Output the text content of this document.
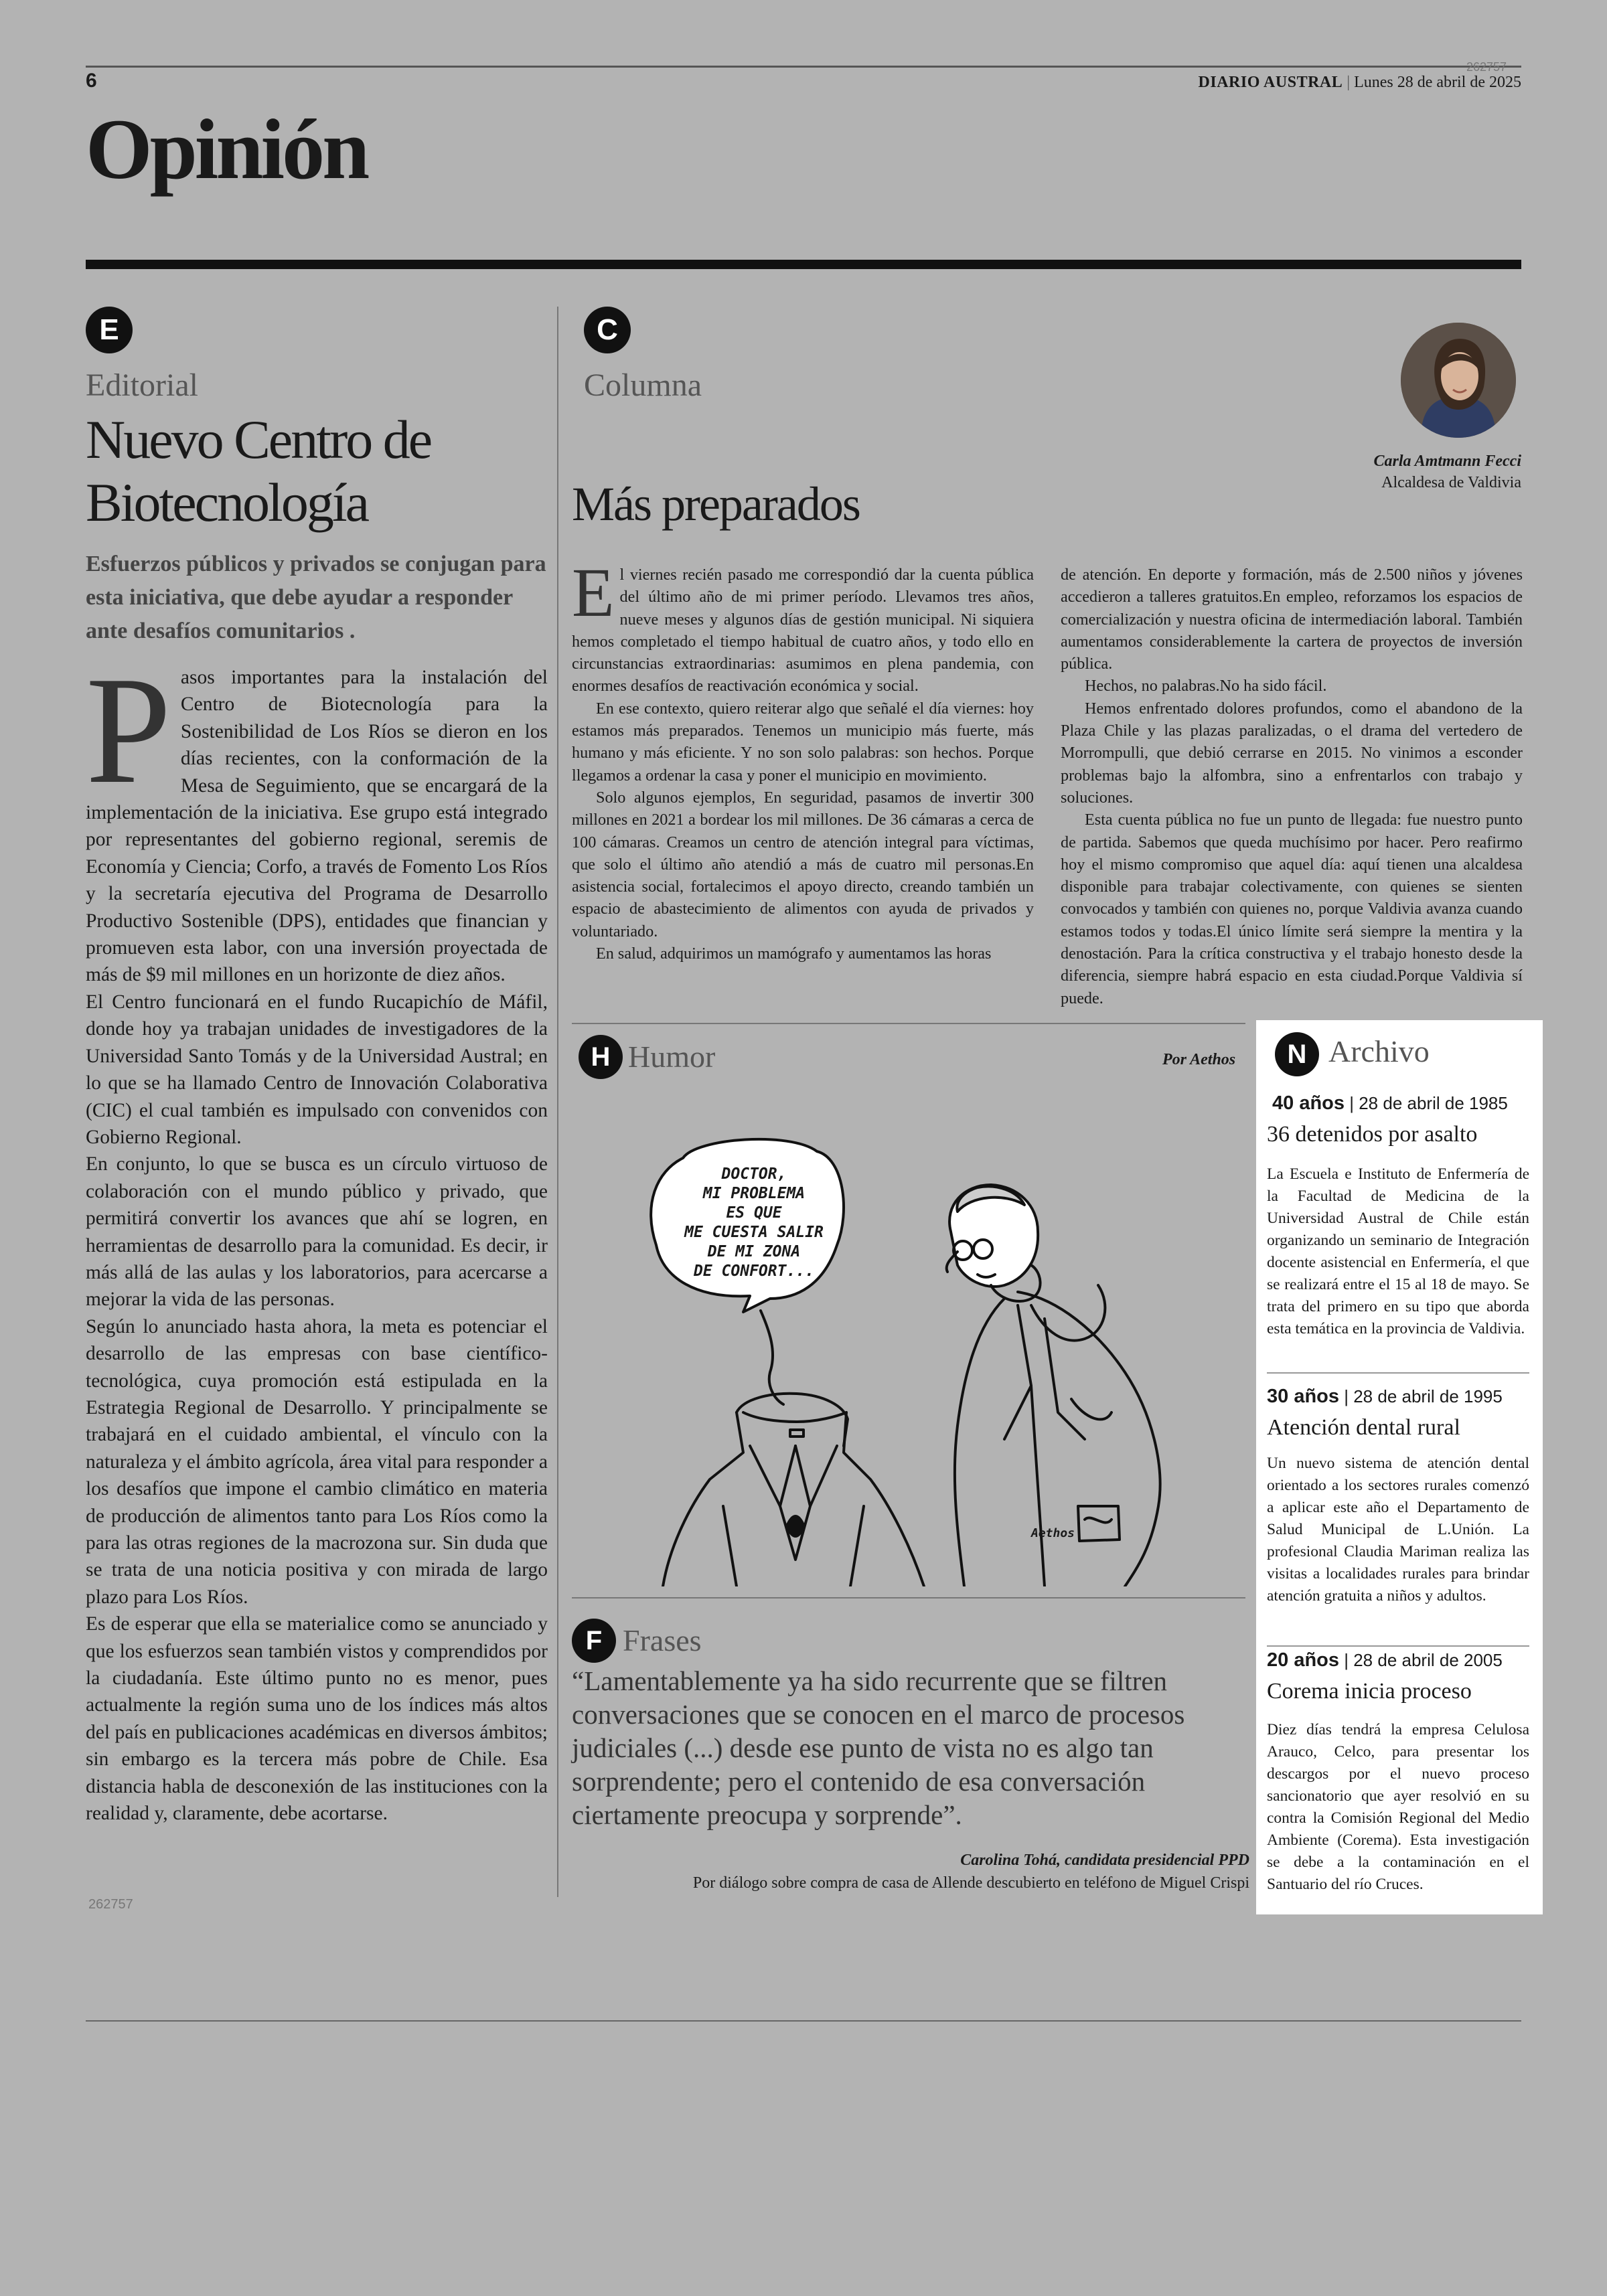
6
262757
DIARIO AUSTRAL | Lunes 28 de abril de 2025
Opinión
E
Editorial
Nuevo Centro de
Biotecnología
Esfuerzos públicos y privados se conjugan para esta iniciativa, que debe ayudar a responder ante desafíos comunitarios .

Pasos importantes para la instalación del Centro de Biotecnología para la Sostenibilidad de Los Ríos se dieron en los días recientes, con la conformación de la Mesa de Seguimiento, que se encargará de la implementación de la iniciativa. Ese grupo está integrado por representantes del gobierno regional, seremis de Economía y Ciencia; Corfo, a través de Fomento Los Ríos y la secretaría ejecutiva del Programa de Desarrollo Productivo Sostenible (DPS), entidades que financian y promueven esta labor, con una inversión proyectada de más de $9 mil millones en un horizonte de diez años.

El Centro funcionará en el fundo Rucapichío de Máfil, donde hoy ya trabajan unidades de investigadores de la Universidad Santo Tomás y de la Universidad Austral; en lo que se ha llamado Centro de Innovación Colaborativa (CIC) el cual también es impulsado con convenidos con Gobierno Regional.

En conjunto, lo que se busca es un círculo virtuoso de colaboración con el mundo público y privado, que permitirá convertir los avances que ahí se logren, en herramientas de desarrollo para la comunidad. Es decir, ir más allá de las aulas y los laboratorios, para acercarse a mejorar la vida de las personas.

Según lo anunciado hasta ahora, la meta es potenciar el desarrollo de las empresas con base científico-tecnológica, cuya promoción está estipulada en la Estrategia Regional de Desarrollo. Y principalmente se trabajará en el cuidado ambiental, el vínculo con la naturaleza y el ámbito agrícola, área vital para responder a los desafíos que impone el cambio climático en materia de producción de alimentos tanto para Los Ríos como la para las otras regiones de la macrozona sur. Sin duda que se trata de una noticia positiva y con mirada de largo plazo para Los Ríos.

Es de esperar que ella se materialice como se anunciado y que los esfuerzos sean también vistos y comprendidos por la ciudadanía. Este último punto no es menor, pues actualmente la región suma uno de los índices más altos del país en publicaciones académicas en diversos ámbitos; sin embargo es la tercera más pobre de Chile. Esa distancia habla de desconexión de las instituciones con la realidad y, claramente, debe acortarse.

262757
C
Columna
Más preparados
Carla Amtmann Fecci
Alcaldesa de Valdivia

El viernes recién pasado me correspondió dar la cuenta pública del último año de mi primer período. Llevamos tres años, nueve meses y algunos días de gestión municipal. Ni siquiera hemos completado el tiempo habitual de cuatro años, y todo ello en circunstancias extraordinarias: asumimos en plena pandemia, con enormes desafíos de reactivación económica y social.

En ese contexto, quiero reiterar algo que señalé el día viernes: hoy estamos más preparados. Tenemos un municipio más fuerte, más humano y más eficiente. Y no son solo palabras: son hechos. Porque llegamos a ordenar la casa y poner el municipio en movimiento.

Solo algunos ejemplos, En seguridad, pasamos de invertir 300 millones en 2021 a bordear los mil millones. De 36 cámaras a cerca de 100 cámaras. Creamos un centro de atención integral para víctimas, que solo el último año atendió a más de cuatro mil personas.En asistencia social, fortalecimos el apoyo directo, creando también un espacio de abastecimiento de alimentos con ayuda de privados y voluntariado.

En salud, adquirimos un mamógrafo y aumentamos las horas

de atención. En deporte y formación, más de 2.500 niños y jóvenes accedieron a talleres gratuitos.En empleo, reforzamos los espacios de comercialización y nuestra oficina de intermediación laboral. También aumentamos considerablemente la cartera de proyectos de inversión pública.

Hechos, no palabras.No ha sido fácil.

Hemos enfrentado dolores profundos, como el abandono de la Plaza Chile y las plazas paralizadas, o el drama del vertedero de Morrompulli, que debió cerrarse en 2015. No vinimos a esconder problemas bajo la alfombra, sino a enfrentarlos con trabajo y soluciones.

Esta cuenta pública no fue un punto de llegada: fue nuestro punto de partida. Sabemos que queda muchísimo por hacer. Pero reafirmo hoy el mismo compromiso que aquel día: aquí tienen una alcaldesa disponible para trabajar colectivamente, con quienes se sienten convocados y también con quienes no, porque Valdivia avanza cuando estamos todos y todas.El único límite será siempre la mentira y la denostación. Para la crítica constructiva y el trabajo honesto desde la diferencia, siempre habrá espacio en esta ciudad.Porque Valdivia sí puede.

H Humor	Por Aethos
DOCTOR,
MI PROBLEMA
ES QUE
ME CUESTA SALIR
DE MI ZONA
DE CONFORT...
Aethos
F Frases
“Lamentablemente ya ha sido recurrente que se filtren conversaciones que se conocen en el marco de procesos judiciales (...) desde ese punto de vista no es algo tan sorprendente; pero el contenido de esa conversación ciertamente preocupa y sorprende”.
Carolina Tohá, candidata presidencial PPD
Por diálogo sobre compra de casa de Allende descubierto en teléfono de Miguel Crispi
N Archivo
40 años | 28 de abril de 1985
36 detenidos por asalto

La Escuela e Instituto de Enfermería de la Facultad de Medicina de la Universidad Austral de Chile están organizando un seminario de Integración docente asistencial en Enfermería, el que se realizará entre el 15 al 18 de mayo. Se trata del primero en su tipo que aborda esta temática en la provincia de Valdivia.

30 años | 28 de abril de 1995
Atención dental rural

Un nuevo sistema de atención dental orientado a los sectores rurales comenzó a aplicar este año el Departamento de Salud Municipal de L.Unión. La profesional Claudia Mariman realiza las visitas a localidades rurales para brindar atención gratuita a niños y adultos.

20 años | 28 de abril de 2005
Corema inicia proceso

Diez días tendrá la empresa Celulosa Arauco, Celco, para presentar los descargos por el nuevo proceso sancionatorio que ayer resolvió en su contra la Comisión Regional del Medio Ambiente (Corema). Esta investigación se debe a la contaminación en el Santuario del río Cruces.
